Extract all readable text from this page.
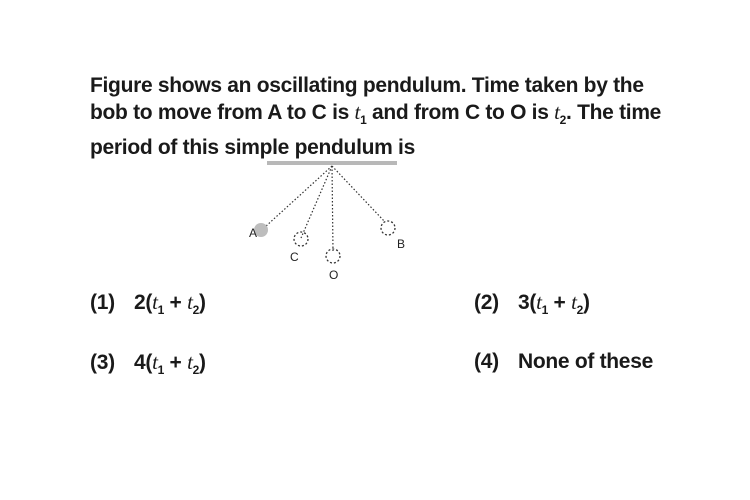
Figure shows an oscillating pendulum. Time taken by the bob to move from A to C is $t_1$ and from C to O is $t_2$. The time period of this simple pendulum is
A
C
O
B
(1) $2(t_1 + t_2)$	(2) $3(t_1 + t_2)$
(3) $4(t_1 + t_2)$	(4) None of these
